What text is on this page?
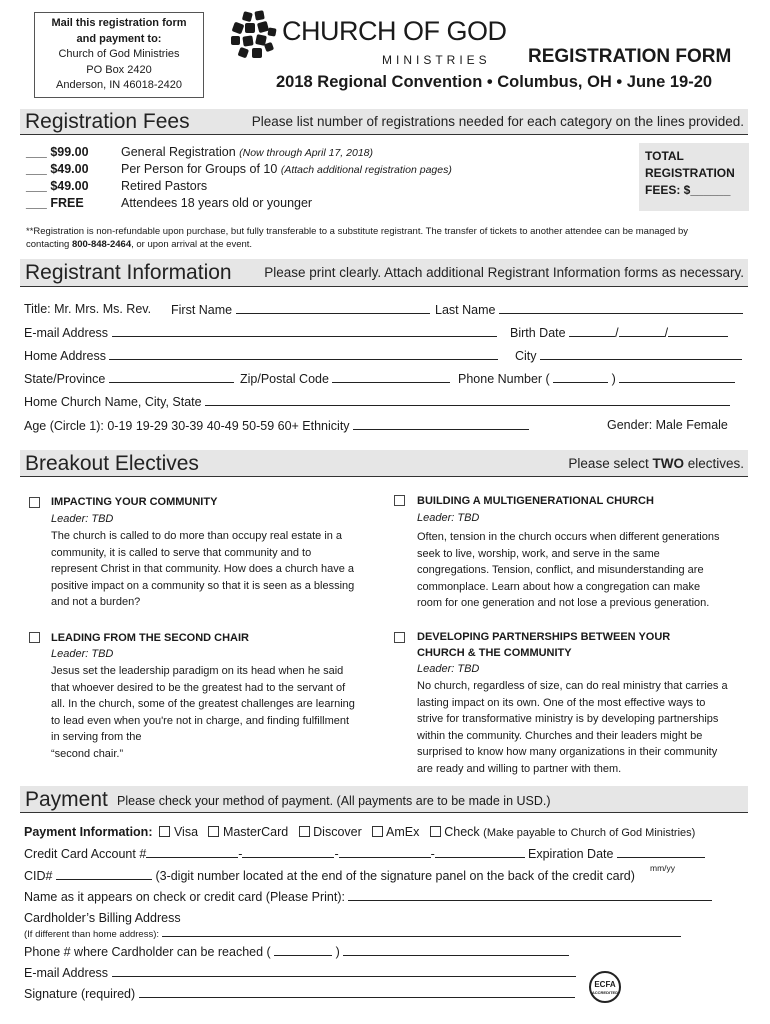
Mail this registration form
and payment to:
Church of God Ministries
PO Box 2420
Anderson, IN 46018-2420
CHURCH OF GOD
MINISTRIES REGISTRATION FORM
2018 Regional Convention • Columbus, OH • June 19-20
Registration Fees	Please list number of registrations needed for each category on the lines provided.
___ $99.00	General Registration (Now through April 17, 2018)
___ $49.00	Per Person for Groups of 10 (Attach additional registration pages)
___ $49.00	Retired Pastors
___ FREE	Attendees 18 years old or younger
TOTAL
REGISTRATION
FEES: $______
**Registration is non-refundable upon purchase, but fully transferable to a substitute registrant. The transfer of tickets to another attendee can be managed by
contacting 800-848-2464, or upon arrival at the event.
Registrant Information Please print clearly. Attach additional Registrant Information forms as necessary.
Title: Mr. Mrs. Ms. Rev. First Name	Last Name
E-mail Address	Birth Date	/	/
Home Address	City
State/Province	Zip/Postal Code	Phone Number (	)
Home Church Name, City, State
Age (Circle 1): 0-19 19-29 30-39 40-49 50-59 60+ Ethnicity	Gender: Male Female
Breakout Electives	Please select TWO electives.
IMPACTING YOUR COMMUNITY
Leader: TBD
The church is called to do more than occupy real estate in a
community, it is called to serve that community and to
represent Christ in that community. How does a church have a
positive impact on a community so that it is seen as a blessing
and not a burden?
BUILDING A MULTIGENERATIONAL CHURCH
Leader: TBD
Often, tension in the church occurs when different generations
seek to live, worship, work, and serve in the same
congregations. Tension, conflict, and misunderstanding are
commonplace. Learn about how a congregation can make
room for one generation and not lose a previous generation.
LEADING FROM THE SECOND CHAIR
Leader: TBD
Jesus set the leadership paradigm on its head when he said
that whoever desired to be the greatest had to the servant of
all. In the church, some of the greatest challenges are learning
to lead even when you're not in charge, and finding fulfillment
in serving from the
“second chair.”
DEVELOPING PARTNERSHIPS BETWEEN YOUR
CHURCH & THE COMMUNITY
Leader: TBD
No church, regardless of size, can do real ministry that carries a
lasting impact on its own. One of the most effective ways to
strive for transformative ministry is by developing partnerships
within the community. Churches and their leaders might be
surprised to know how many organizations in their community
are ready and willing to partner with them.
Payment Please check your method of payment. (All payments are to be made in USD.)
Payment Information: Visa MasterCard Discover AmEx Check (Make payable to Church of God Ministries)
Credit Card Account #	-	-	-	Expiration Date
mm/yy
CID#	(3-digit number located at the end of the signature panel on the back of the credit card)
Name as it appears on check or credit card (Please Print):
Cardholder’s Billing Address
(If different than home address):
Phone # where Cardholder can be reached (	)
E-mail Address
Signature (required)
ECFA
ACCREDITED
